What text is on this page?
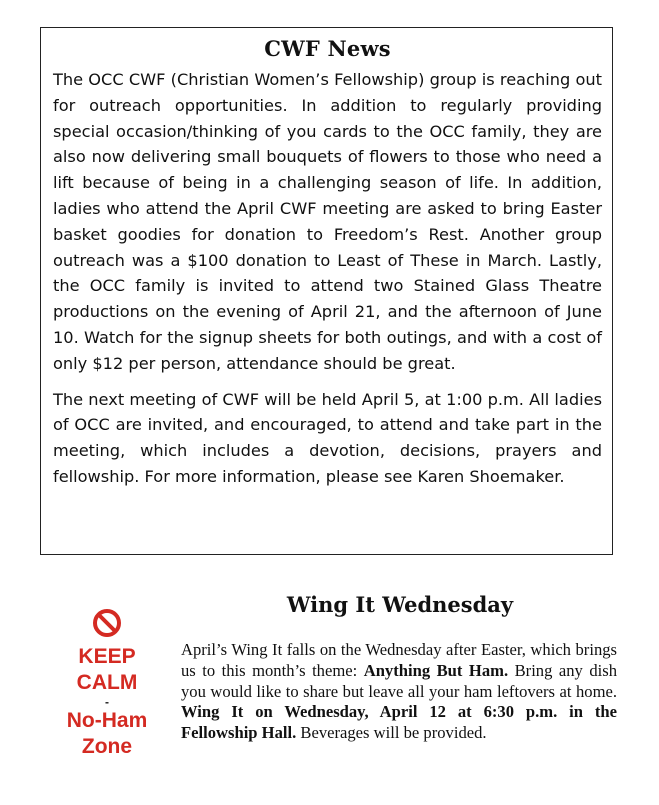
CWF News

The OCC CWF (Christian Women’s Fellowship) group is reaching out for outreach opportunities. In addition to regularly providing special occasion/thinking of you cards to the OCC family, they are also now delivering small bouquets of flowers to those who need a lift because of being in a challenging season of life. In addition, ladies who attend the April CWF meeting are asked to bring Easter basket goodies for donation to Freedom’s Rest. Another group outreach was a $100 donation to Least of These in March. Lastly, the OCC family is invited to attend two Stained Glass Theatre productions on the evening of April 21, and the afternoon of June 10. Watch for the signup sheets for both outings, and with a cost of only $12 per person, attendance should be great.

The next meeting of CWF will be held April 5, at 1:00 p.m. All ladies of OCC are invited, and encouraged, to attend and take part in the meeting, which includes a devotion, decisions, prayers and fellowship. For more information, please see Karen Shoemaker.

KEEP
CALM
-
No-Ham
Zone
Wing It Wednesday

April’s Wing It falls on the Wednesday after Easter, which brings us to this month’s theme: Anything But Ham. Bring any dish you would like to share but leave all your ham leftovers at home. Wing It on Wednesday, April 12 at 6:30 p.m. in the Fellowship Hall. Beverages will be provided.
